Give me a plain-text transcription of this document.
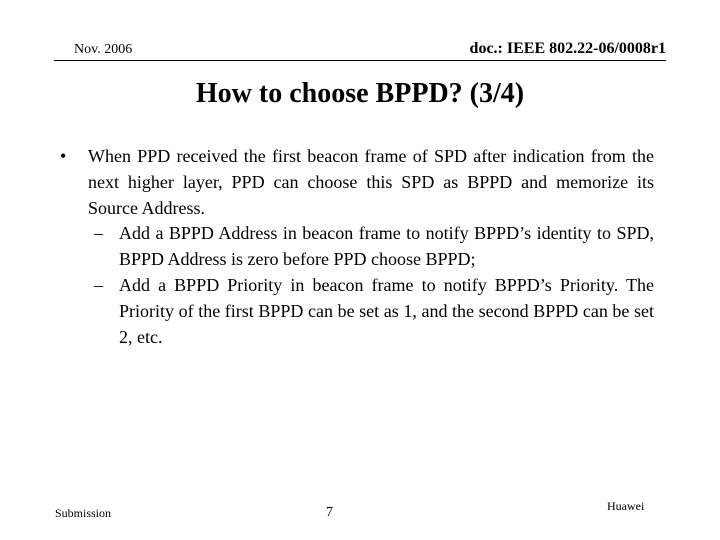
Nov. 2006	doc.: IEEE 802.22-06/0008r1
How to choose BPPD? (3/4)
• When PPD received the first beacon frame of SPD after indication from the next higher layer, PPD can choose this SPD as BPPD and memorize its Source Address.
– Add a BPPD Address in beacon frame to notify BPPD’s identity to SPD, BPPD Address is zero before PPD choose BPPD;
– Add a BPPD Priority in beacon frame to notify BPPD’s Priority. The Priority of the first BPPD can be set as 1, and the second BPPD can be set 2, etc.
Submission	7	Huawei
